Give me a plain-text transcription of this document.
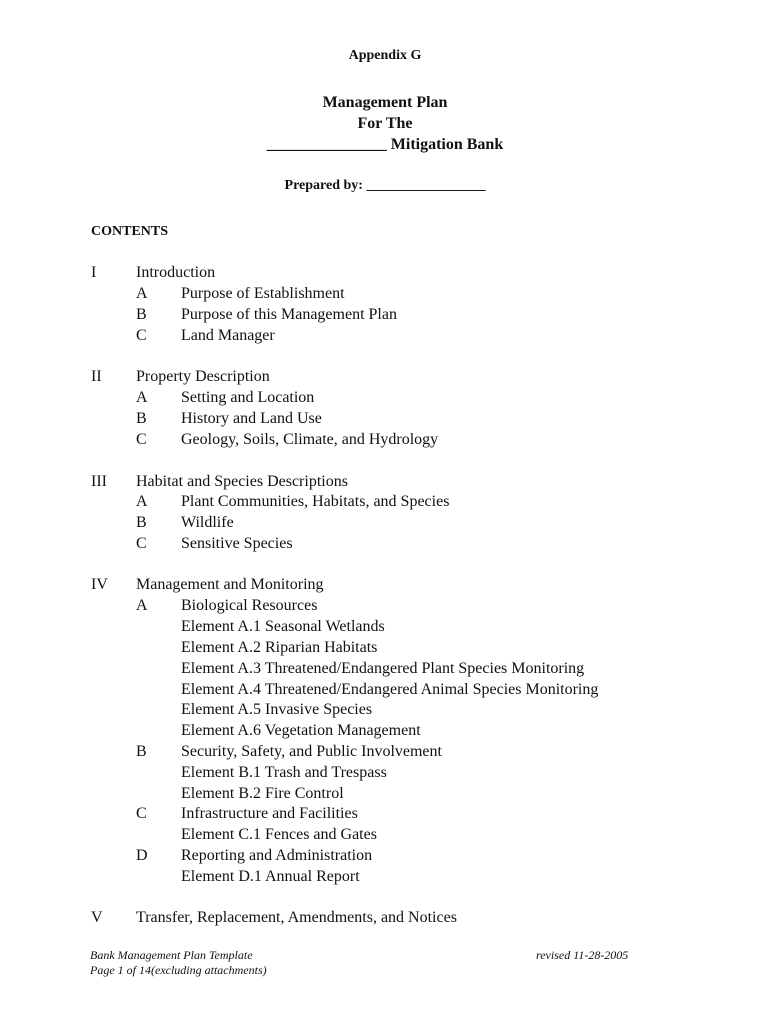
Appendix G
Management Plan
For The
_______________ Mitigation Bank
Prepared by: _________________
CONTENTS
I Introduction
A Purpose of Establishment
B Purpose of this Management Plan
C Land Manager
II Property Description
A Setting and Location
B History and Land Use
C Geology, Soils, Climate, and Hydrology
III Habitat and Species Descriptions
A Plant Communities, Habitats, and Species
B Wildlife
C Sensitive Species
IV Management and Monitoring
A Biological Resources
Element A.1 Seasonal Wetlands
Element A.2 Riparian Habitats
Element A.3 Threatened/Endangered Plant Species Monitoring
Element A.4 Threatened/Endangered Animal Species Monitoring
Element A.5 Invasive Species
Element A.6 Vegetation Management
B Security, Safety, and Public Involvement
Element B.1 Trash and Trespass
Element B.2 Fire Control
C Infrastructure and Facilities
Element C.1 Fences and Gates
D Reporting and Administration
Element D.1 Annual Report
V Transfer, Replacement, Amendments, and Notices
Bank Management Plan Template
Page 1 of 14(excluding attachments)
revised 11-28-2005
